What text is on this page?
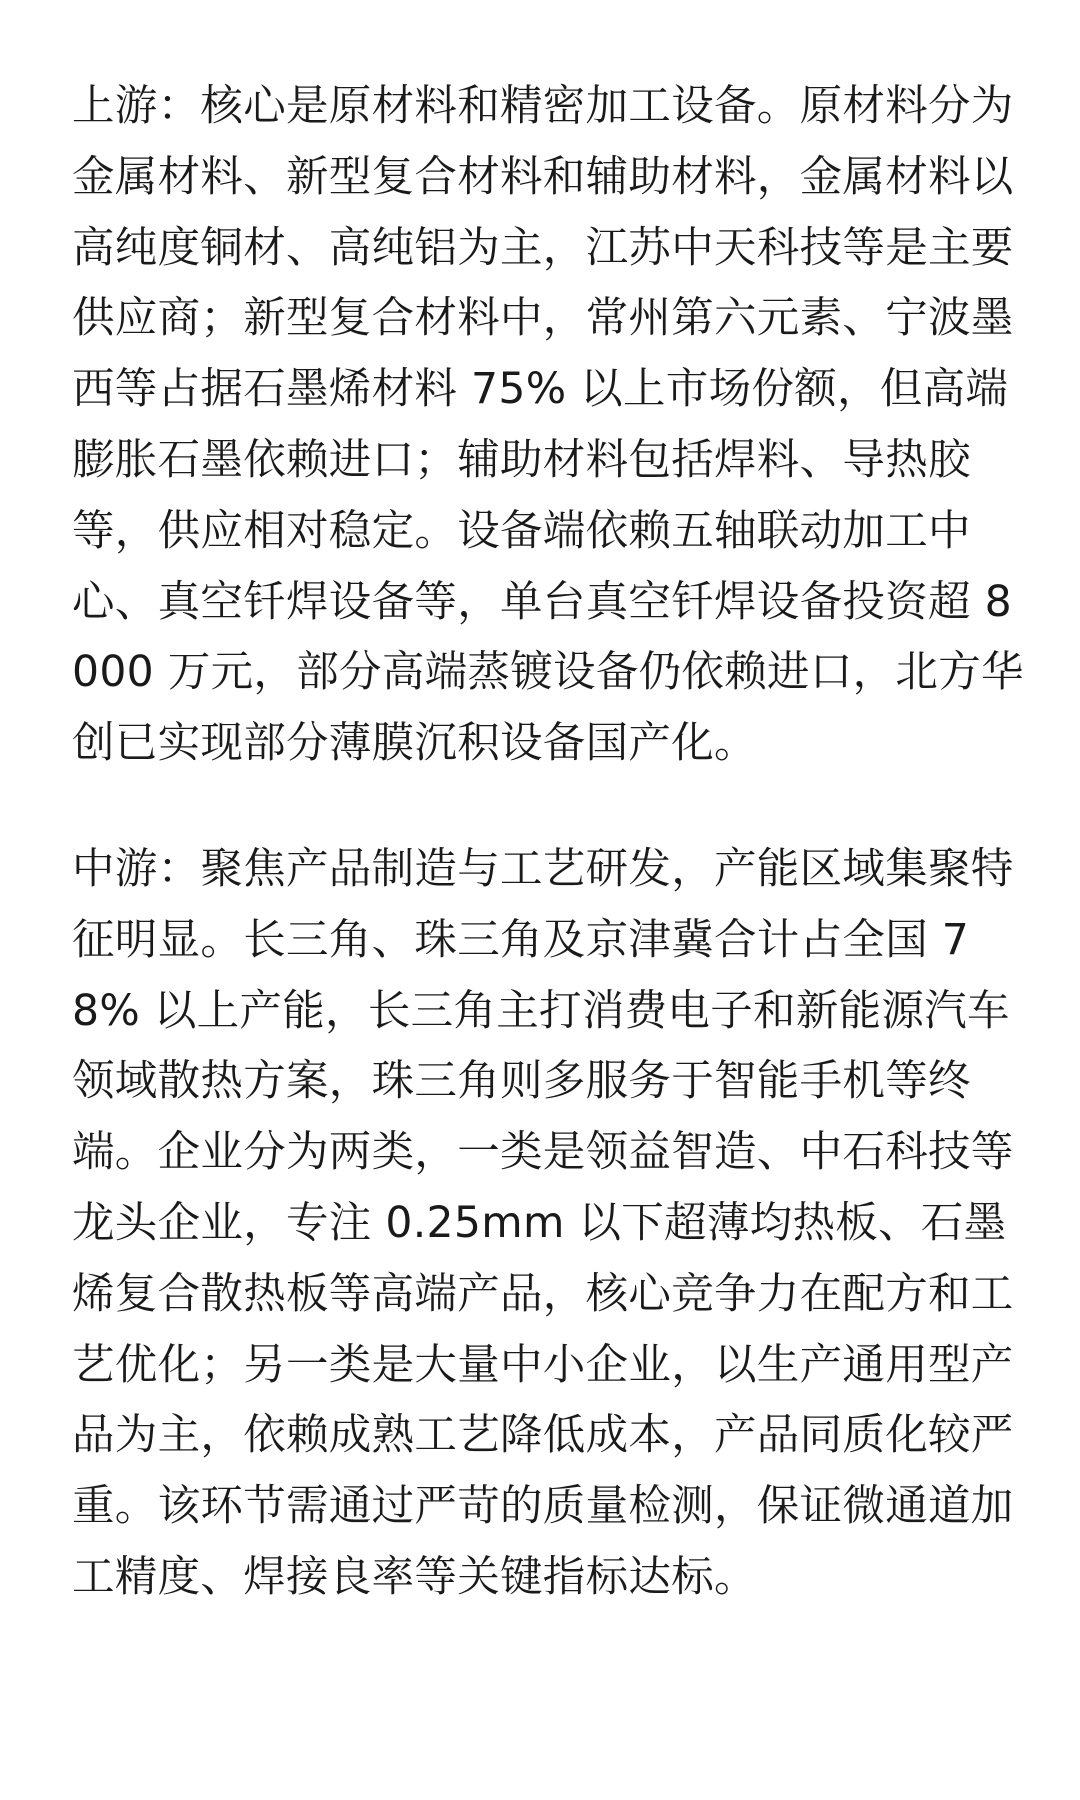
上游：核心是原材料和精密加工设备。原材料分为
金属材料、新型复合材料和辅助材料，金属材料以
高纯度铜材、高纯铝为主，江苏中天科技等是主要
供应商；新型复合材料中，常州第六元素、宁波墨
西等占据石墨烯材料 75% 以上市场份额，但高端
膨胀石墨依赖进口；辅助材料包括焊料、导热胶
等，供应相对稳定。设备端依赖五轴联动加工中
心、真空钎焊设备等，单台真空钎焊设备投资超 8
000 万元，部分高端蒸镀设备仍依赖进口，北方华
创已实现部分薄膜沉积设备国产化。

中游：聚焦产品制造与工艺研发，产能区域集聚特
征明显。长三角、珠三角及京津冀合计占全国 7
8% 以上产能，长三角主打消费电子和新能源汽车
领域散热方案，珠三角则多服务于智能手机等终
端。企业分为两类，一类是领益智造、中石科技等
龙头企业，专注 0.25mm 以下超薄均热板、石墨
烯复合散热板等高端产品，核心竞争力在配方和工
艺优化；另一类是大量中小企业，以生产通用型产
品为主，依赖成熟工艺降低成本，产品同质化较严
重。该环节需通过严苛的质量检测，保证微通道加
工精度、焊接良率等关键指标达标。
